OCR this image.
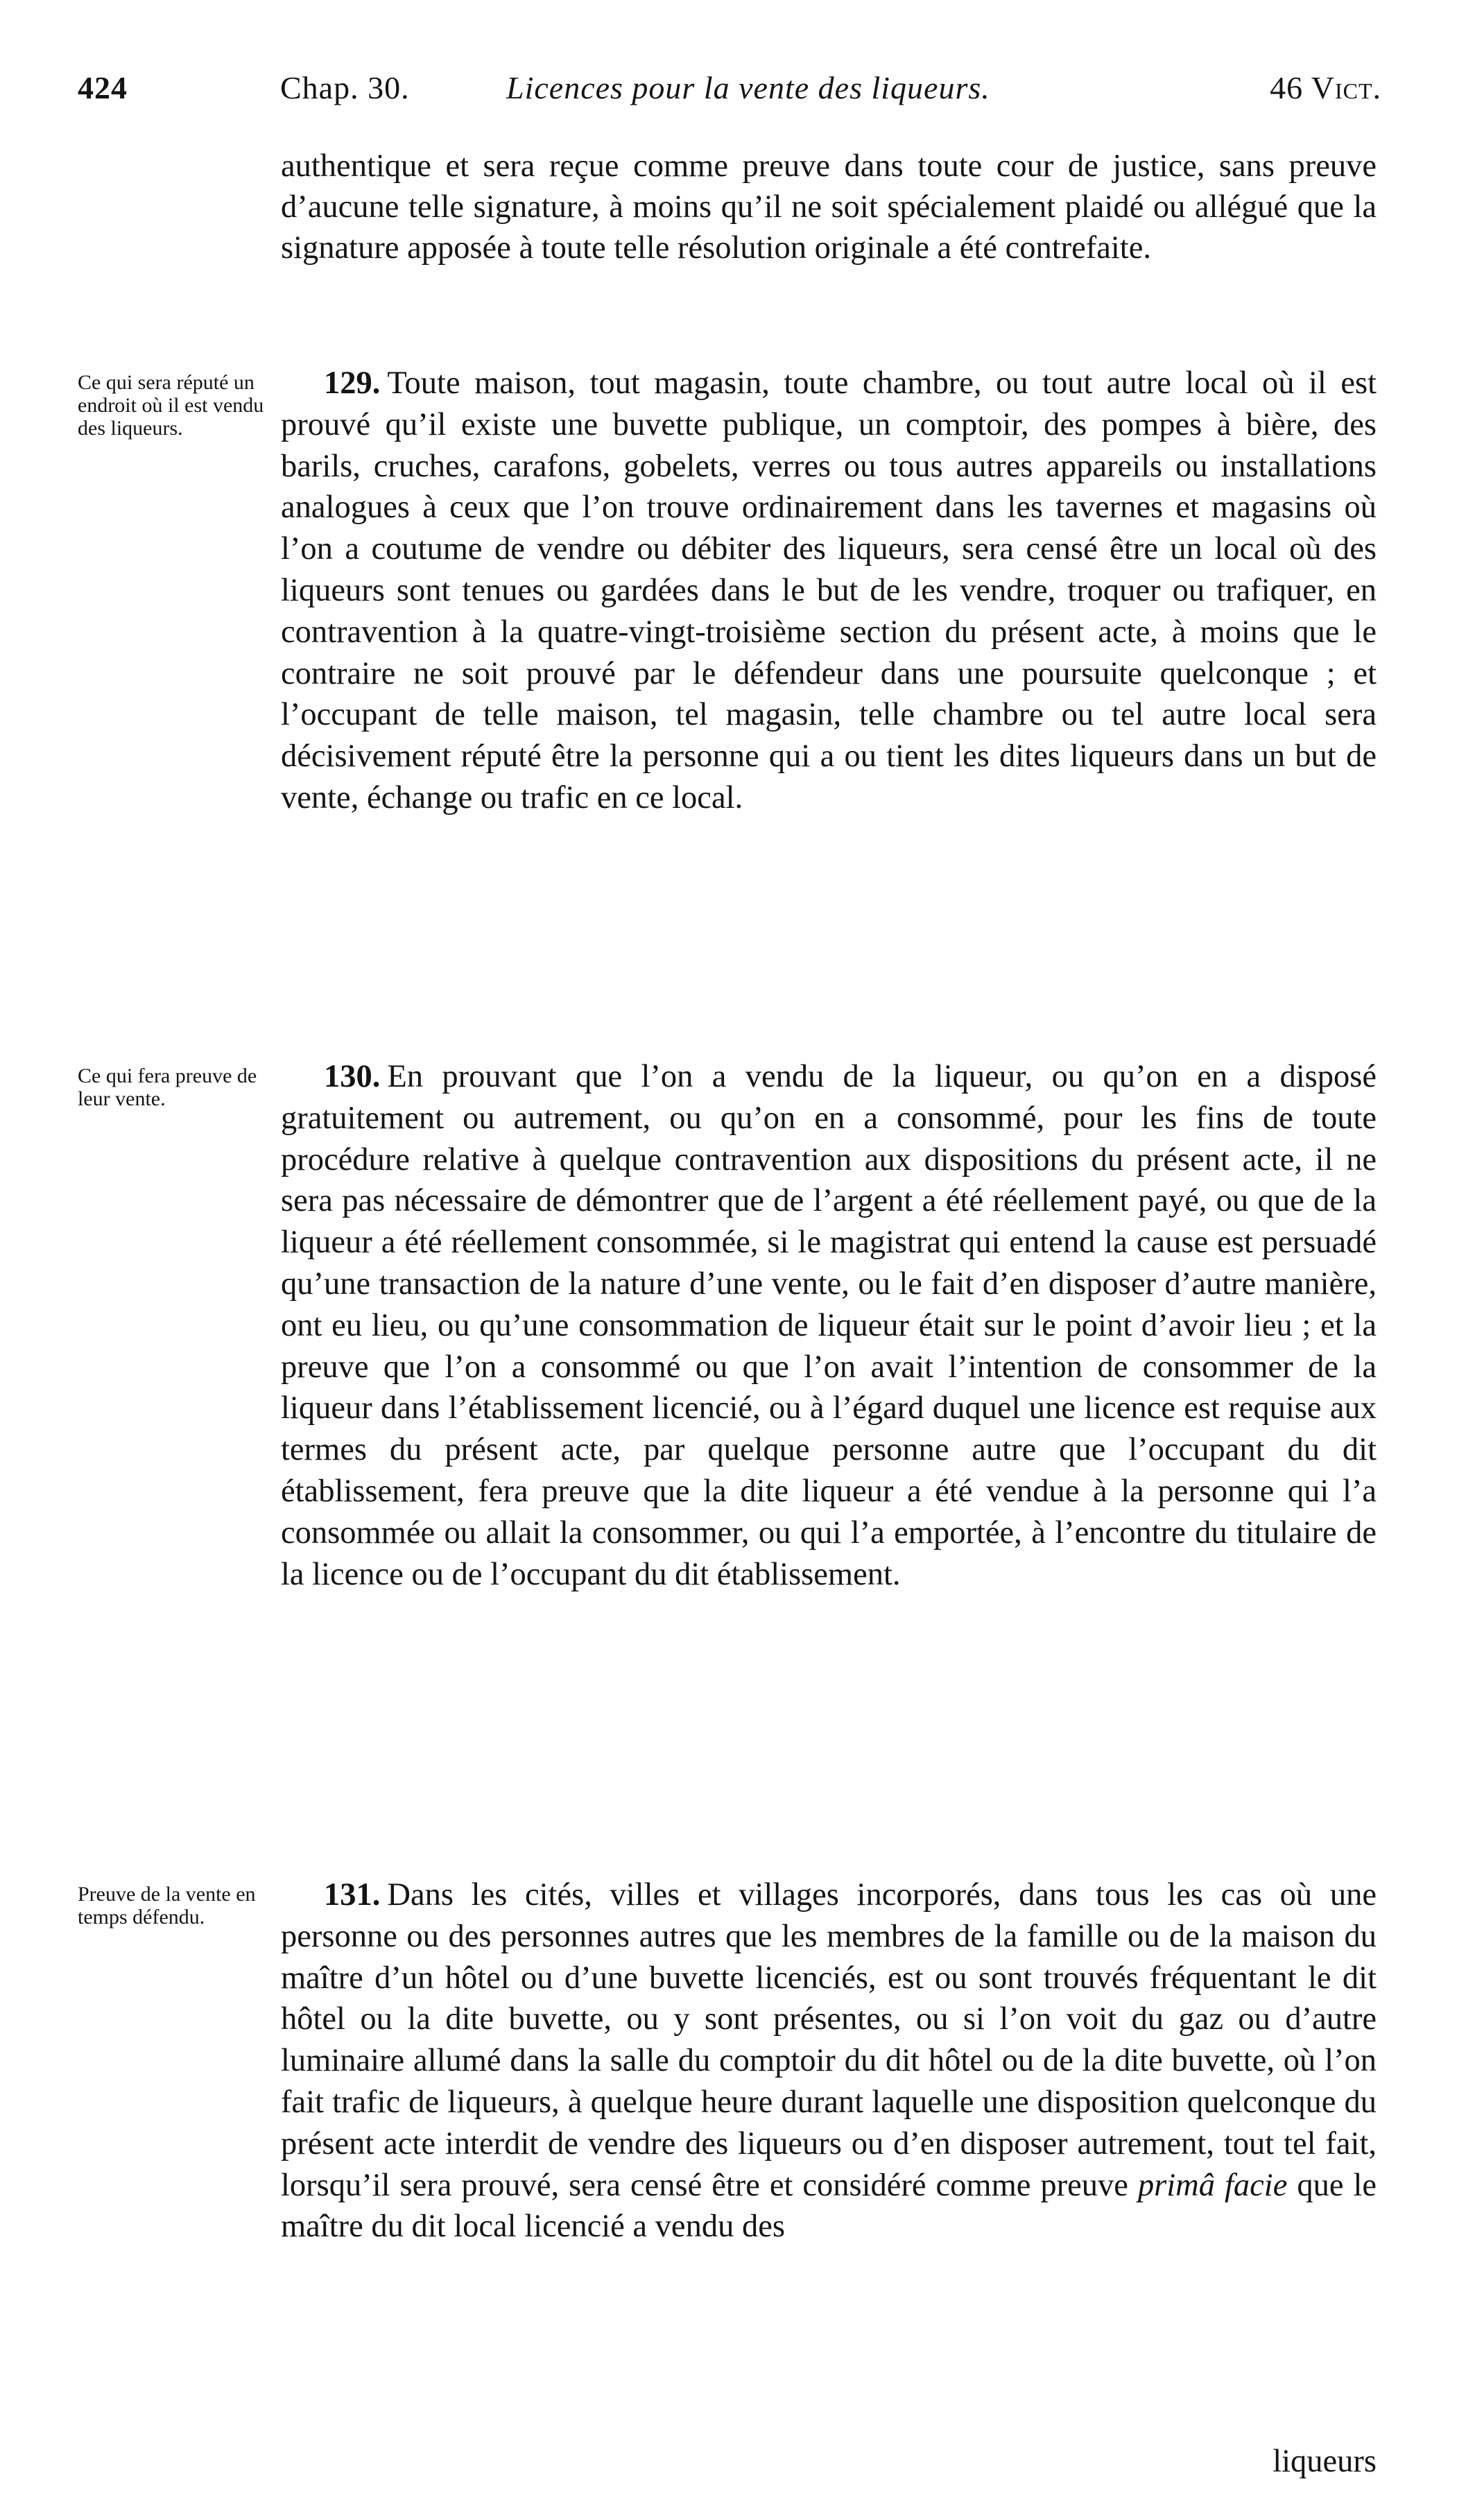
424	Chap. 30.	Licences pour la vente des liqueurs.	46 Vict.
authentique et sera reçue comme preuve dans toute cour de justice, sans preuve d’aucune telle signature, à moins qu’il ne soit spécialement plaidé ou allégué que la signature apposée à toute telle résolution originale a été contrefaite.
Ce qui sera réputé un endroit où il est vendu des liqueurs.
129. Toute maison, tout magasin, toute chambre, ou tout autre local où il est prouvé qu’il existe une buvette publique, un comptoir, des pompes à bière, des barils, cruches, carafons, gobelets, verres ou tous autres appareils ou installations analogues à ceux que l’on trouve ordinairement dans les tavernes et magasins où l’on a coutume de vendre ou débiter des liqueurs, sera censé être un local où des liqueurs sont tenues ou gardées dans le but de les vendre, troquer ou trafiquer, en contravention à la quatre-vingt-troisième section du présent acte, à moins que le contraire ne soit prouvé par le défendeur dans une poursuite quelconque ; et l’occupant de telle maison, tel magasin, telle chambre ou tel autre local sera décisivement réputé être la personne qui a ou tient les dites liqueurs dans un but de vente, échange ou trafic en ce local.
Ce qui fera preuve de leur vente.
130. En prouvant que l’on a vendu de la liqueur, ou qu’on en a disposé gratuitement ou autrement, ou qu’on en a consommé, pour les fins de toute procédure relative à quelque contravention aux dispositions du présent acte, il ne sera pas nécessaire de démontrer que de l’argent a été réellement payé, ou que de la liqueur a été réellement consommée, si le magistrat qui entend la cause est persuadé qu’une transaction de la nature d’une vente, ou le fait d’en disposer d’autre manière, ont eu lieu, ou qu’une consommation de liqueur était sur le point d’avoir lieu ; et la preuve que l’on a consommé ou que l’on avait l’intention de consommer de la liqueur dans l’établissement licencié, ou à l’égard duquel une licence est requise aux termes du présent acte, par quelque personne autre que l’occupant du dit établissement, fera preuve que la dite liqueur a été vendue à la personne qui l’a consommée ou allait la consommer, ou qui l’a emportée, à l’encontre du titulaire de la licence ou de l’occupant du dit établissement.
Preuve de la vente en temps défendu.
131. Dans les cités, villes et villages incorporés, dans tous les cas où une personne ou des personnes autres que les membres de la famille ou de la maison du maître d’un hôtel ou d’une buvette licenciés, est ou sont trouvés fréquentant le dit hôtel ou la dite buvette, ou y sont présentes, ou si l’on voit du gaz ou d’autre luminaire allumé dans la salle du comptoir du dit hôtel ou de la dite buvette, où l’on fait trafic de liqueurs, à quelque heure durant laquelle une disposition quelconque du présent acte interdit de vendre des liqueurs ou d’en disposer autrement, tout tel fait, lorsqu’il sera prouvé, sera censé être et considéré comme preuve primâ facie que le maître du dit local licencié a vendu des
liqueurs
